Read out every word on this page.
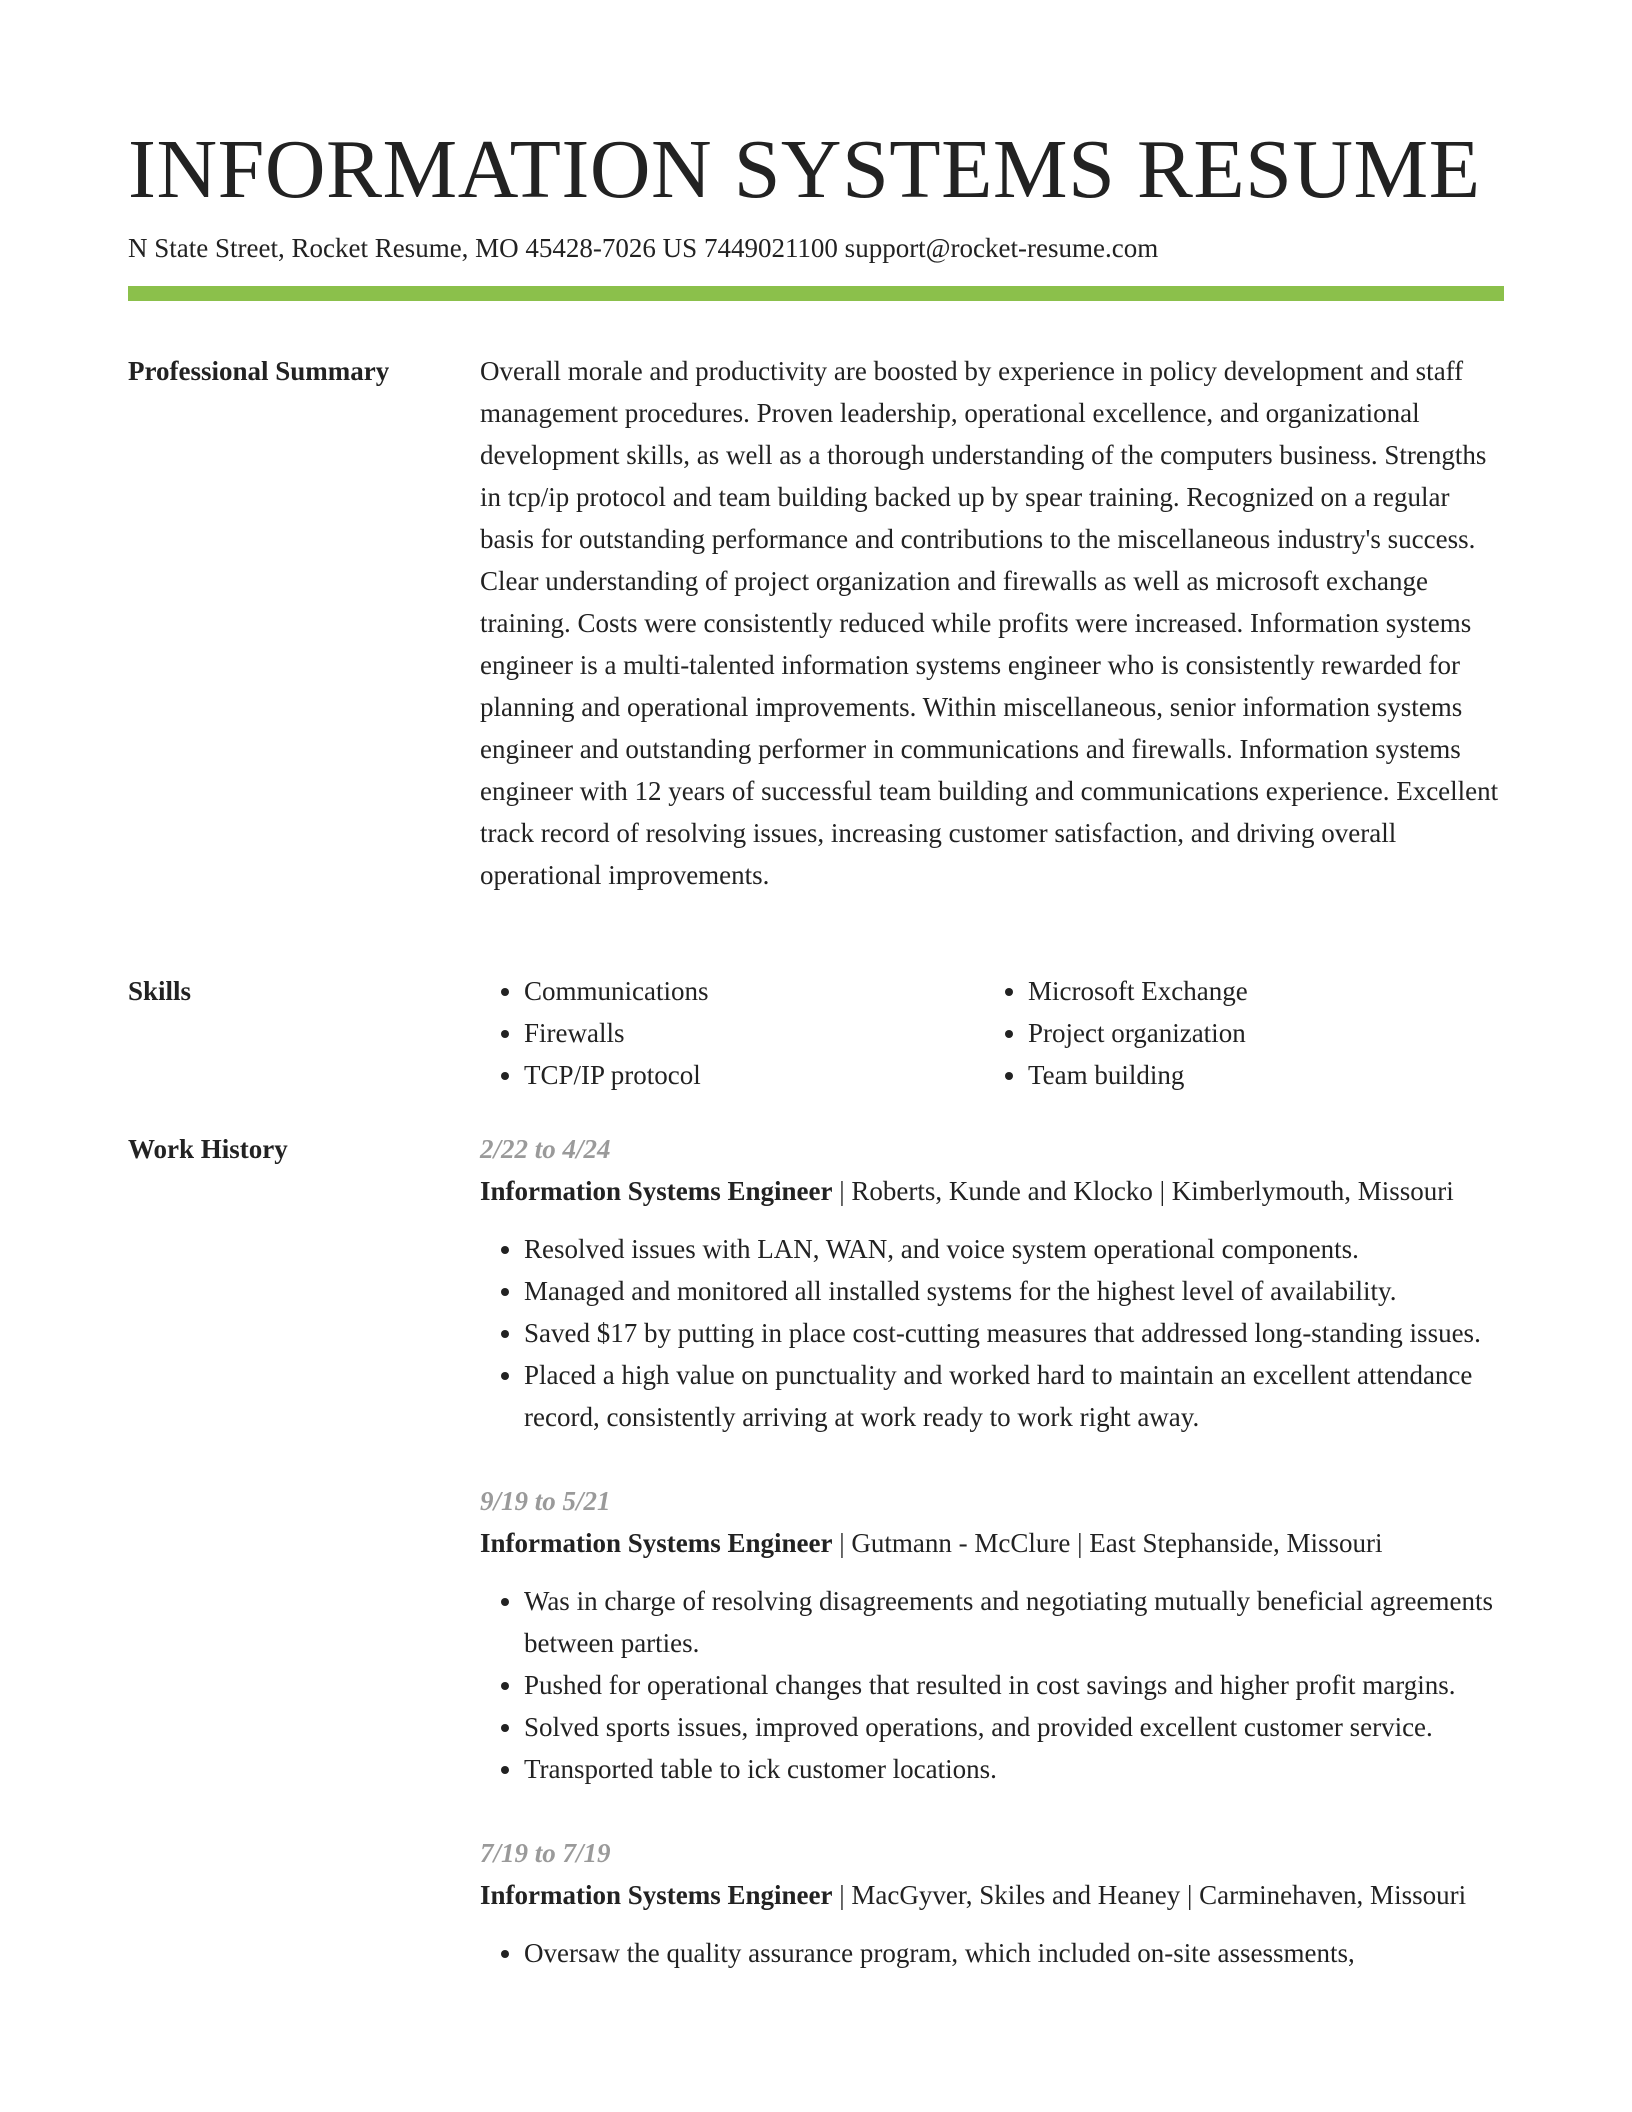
INFORMATION SYSTEMS RESUME
N State Street, Rocket Resume, MO 45428-7026 US 7449021100 support@rocket-resume.com
Professional Summary	Overall morale and productivity are boosted by experience in policy development and staff management procedures. Proven leadership, operational excellence, and organizational development skills, as well as a thorough understanding of the computers business. Strengths in tcp/ip protocol and team building backed up by spear training. Recognized on a regular basis for outstanding performance and contributions to the miscellaneous industry's success. Clear understanding of project organization and firewalls as well as microsoft exchange training. Costs were consistently reduced while profits were increased. Information systems engineer is a multi-talented information systems engineer who is consistently rewarded for planning and operational improvements. Within miscellaneous, senior information systems engineer and outstanding performer in communications and firewalls. Information systems engineer with 12 years of successful team building and communications experience. Excellent track record of resolving issues, increasing customer satisfaction, and driving overall operational improvements.

Skills
•	Communications
• Firewalls
• TCP/IP protocol
• Microsoft Exchange
• Project organization
• Team building
Work History	2/22 to 4/24
Information Systems Engineer | Roberts, Kunde and Klocko | Kimberlymouth, Missouri
• Resolved issues with LAN, WAN, and voice system operational components.
• Managed and monitored all installed systems for the highest level of availability.
• Saved $17 by putting in place cost-cutting measures that addressed long-standing issues.
• Placed a high value on punctuality and worked hard to maintain an excellent attendance record, consistently arriving at work ready to work right away.
9/19 to 5/21
Information Systems Engineer | Gutmann - McClure | East Stephanside, Missouri
• Was in charge of resolving disagreements and negotiating mutually beneficial agreements between parties.
• Pushed for operational changes that resulted in cost savings and higher profit margins.
• Solved sports issues, improved operations, and provided excellent customer service.
• Transported table to ick customer locations.
7/19 to 7/19
Information Systems Engineer | MacGyver, Skiles and Heaney | Carminehaven, Missouri
• Oversaw the quality assurance program, which included on-site assessments,
